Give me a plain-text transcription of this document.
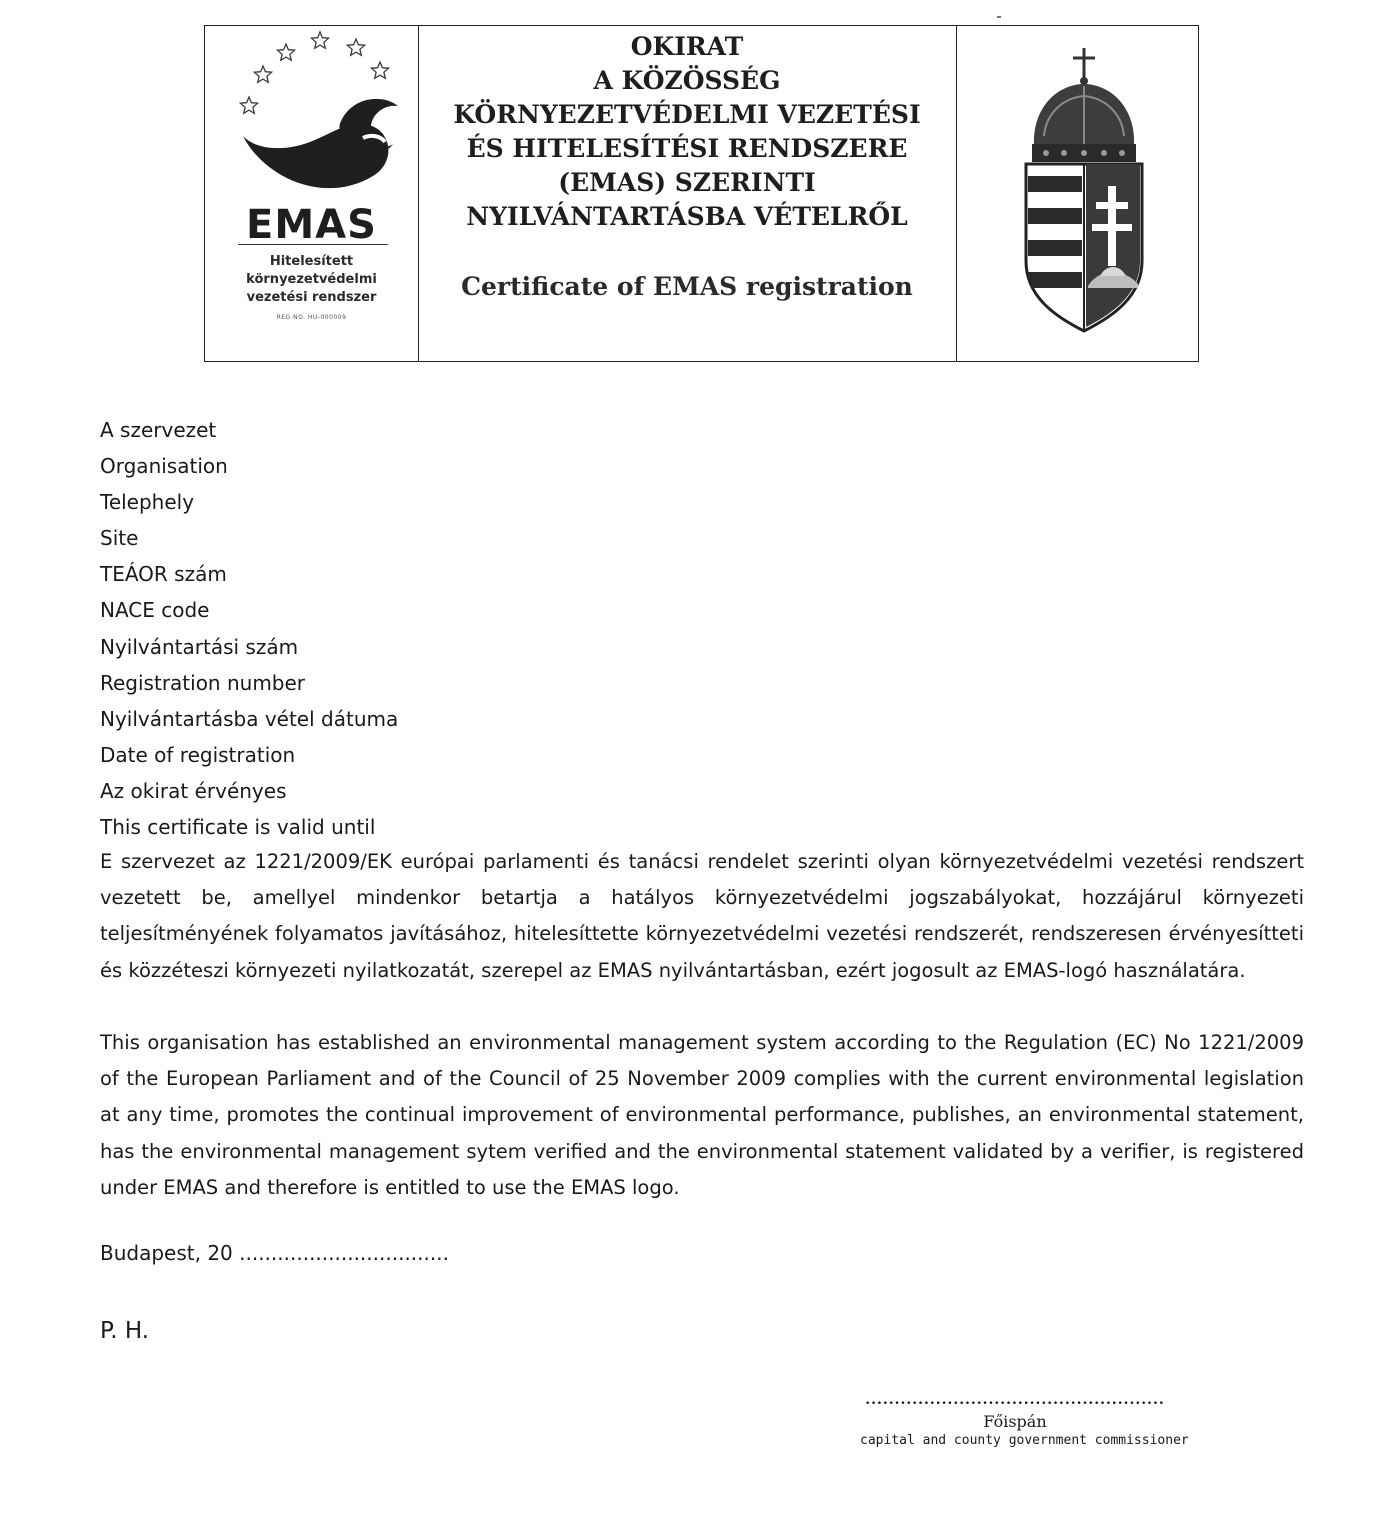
EMAS
Hitelesített
környezetvédelmi
vezetési rendszer
REG NO. HU-000009
OKIRAT
A KÖZÖSSÉG
KÖRNYEZETVÉDELMI VEZETÉSI
ÉS HITELESÍTÉSI RENDSZERE
(EMAS) SZERINTI
NYILVÁNTARTÁSBA VÉTELRŐL
Certificate of EMAS registration
A szervezet
Organisation
Telephely
Site
TEÁOR szám
NACE code
Nyilvántartási szám
Registration number
Nyilvántartásba vétel dátuma
Date of registration
Az okirat érvényes
This certificate is valid until

E szervezet az 1221/2009/EK európai parlamenti és tanácsi rendelet szerinti olyan környezetvédelmi vezetési rendszert vezetett be, amellyel mindenkor betartja a hatályos környezetvédelmi jogszabályokat, hozzájárul környezeti teljesítményének folyamatos javításához, hitelesíttette környezetvédelmi vezetési rendszerét, rendszeresen érvényesítteti és közzéteszi környezeti nyilatkozatát, szerepel az EMAS nyilvántartásban, ezért jogosult az EMAS-logó használatára.

This organisation has established an environmental management system according to the Regulation (EC) No 1221/2009 of the European Parliament and of the Council of 25 November 2009 complies with the current environmental legislation at any time, promotes the continual improvement of environmental performance, publishes, an environmental statement, has the environmental management sytem verified and the environmental statement validated by a verifier, is registered under EMAS and therefore is entitled to use the EMAS logo.

Budapest, 20 .................................
P. H.
...................................................
Főispán
capital and county government commissioner
